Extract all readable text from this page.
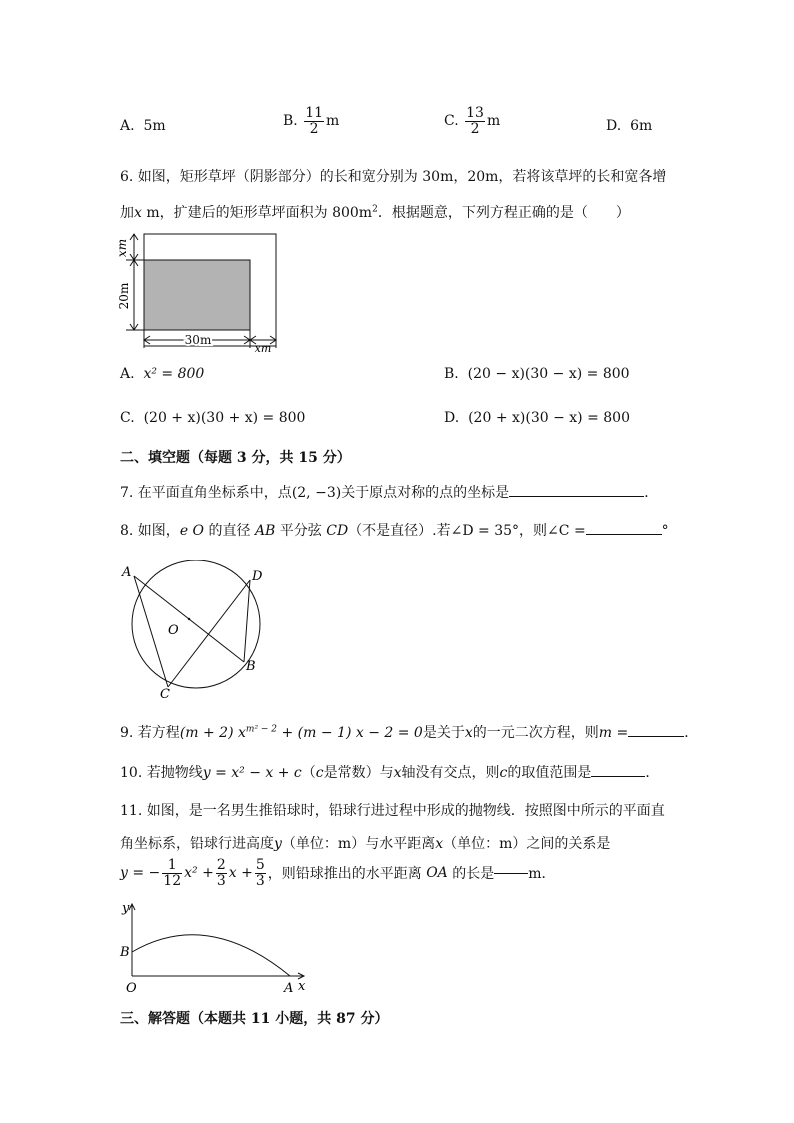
A. 5m	B. $\frac{11}{2}$ m	C. $\frac{13}{2}$ m	D. 6m
6. 如图，矩形草坪（阴影部分）的长和宽分别为 30m，20m，若将该草坪的长和宽各增
加x m，扩建后的矩形草坪面积为 $800m^2$．根据题意，下列方程正确的是（　　）
xm
20m
30m
xm
A. x² = 800	B. (20 − x)(30 − x) = 800
C. (20 + x)(30 + x) = 800	D. (20 + x)(30 − x) = 800
二、填空题（每题 3 分，共 15 分）
7. 在平面直角坐标系中，点(2, −3)关于原点对称的点的坐标是	．
8. 如图，e O 的直径 AB 平分弦 CD（不是直径）.若∠D = 35°，则∠C =	°
A	D
O
B
C
9. 若方程(m + 2) $x^{m^2 - 2} + (m - 1) x - 2 = 0$是关于x的一元二次方程，则m =	．
10. 若抛物线y = x² − x + c（c是常数）与x轴没有交点，则c的取值范围是	．
11. 如图，是一名男生推铅球时，铅球行进过程中形成的抛物线．按照图中所示的平面直
角坐标系，铅球行进高度y（单位：m）与水平距离x（单位：m）之间的关系是
y = − $\frac{1}{12} x^2 + \frac{2}{3}$ $x + \frac{5}{3}$ ，则铅球推出的水平距离 OA 的长是 m．
y
B
O	A x
三、解答题（本题共 11 小题，共 87 分）
